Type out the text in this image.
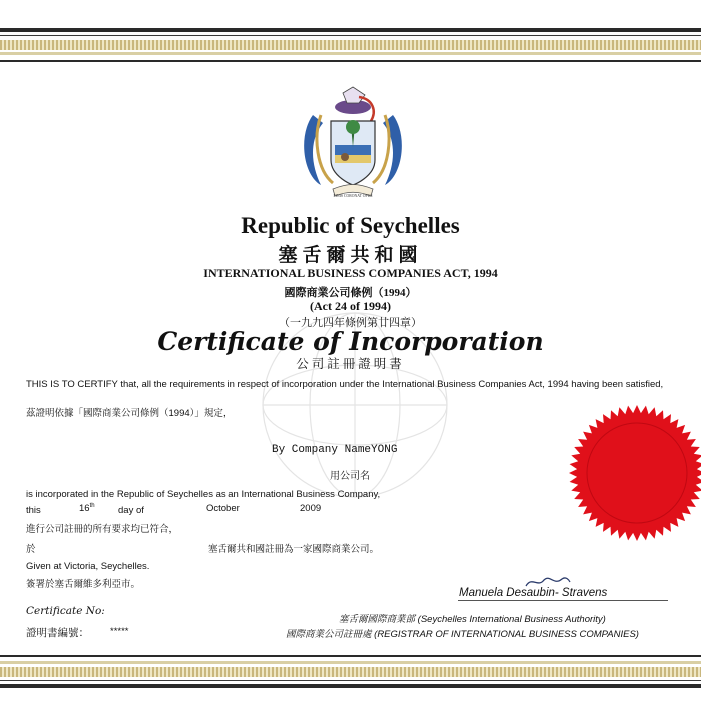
FINIS CORONAT OPUS
Republic of Seychelles
塞舌爾共和國
INTERNATIONAL BUSINESS COMPANIES ACT, 1994
國際商業公司條例（1994）
(Act 24 of 1994)
（一九九四年條例第廿四章）
Certificate of Incorporation
公司註冊證明書
THIS IS TO CERTIFY that, all the requirements in respect of incorporation under the International Business Companies Act, 1994 having been satisfied,
茲證明依據「國際商業公司條例（1994）」規定，
By Company NameYONG
用公司名
is incorporated in the Republic of Seychelles as an International Business Company,
this	16th day of	October	2009
進行公司註冊的所有要求均已符合，
於	塞舌爾共和國註冊為一家國際商業公司。
Given at Victoria, Seychelles.
簽署於塞舌爾維多利亞市。
Certificate No:
證明書編號： *****
Manuela Desaubin- Stravens
塞舌爾國際商業部 (Seychelles International Business Authority)
國際商業公司註冊處 (REGISTRAR OF INTERNATIONAL BUSINESS COMPANIES)
